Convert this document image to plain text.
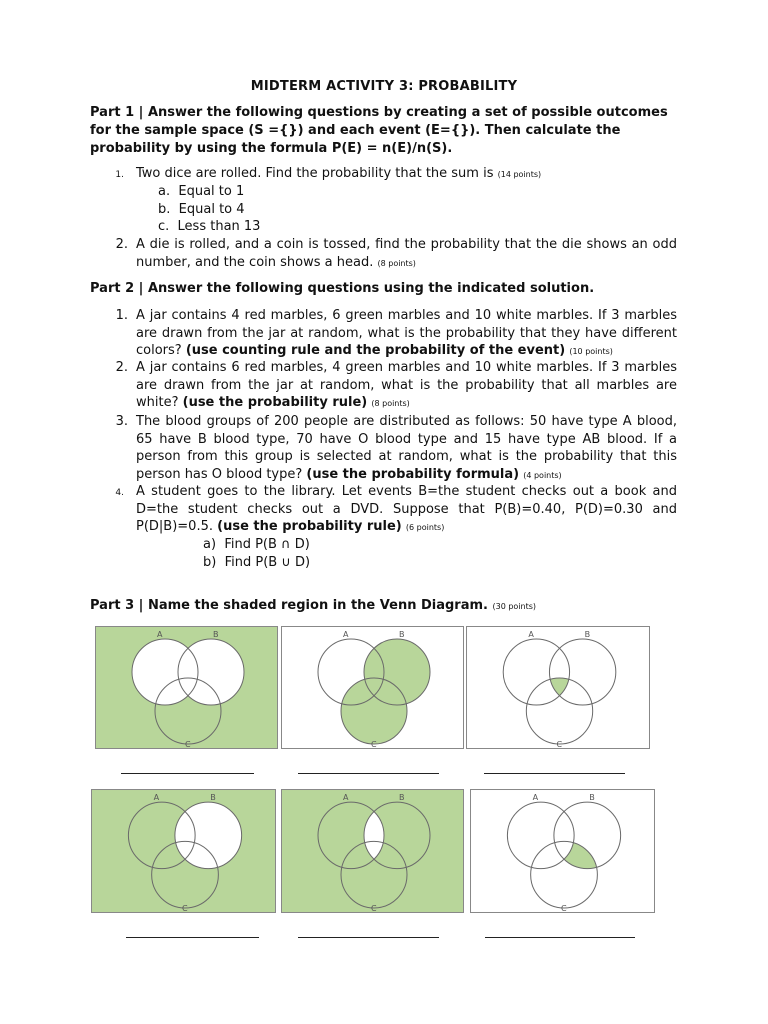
MIDTERM ACTIVITY 3: PROBABILITY
Part 1 | Answer the following questions by creating a set of possible outcomes for the sample space (S ={}) and each event (E={}). Then calculate the probability by using the formula P(E) = n(E)/n(S).
1. Two dice are rolled. Find the probability that the sum is (14 points)
a. Equal to 1
b. Equal to 4
c. Less than 13
2. A die is rolled, and a coin is tossed, find the probability that the die shows an odd number, and the coin shows a head. (8 points)
Part 2 | Answer the following questions using the indicated solution.
1. A jar contains 4 red marbles, 6 green marbles and 10 white marbles. If 3 marbles are drawn from the jar at random, what is the probability that they have different colors? (use counting rule and the probability of the event) (10 points)
2. A jar contains 6 red marbles, 4 green marbles and 10 white marbles. If 3 marbles are drawn from the jar at random, what is the probability that all marbles are white? (use the probability rule) (8 points)
3. The blood groups of 200 people are distributed as follows: 50 have type A blood, 65 have B blood type, 70 have O blood type and 15 have type AB blood. If a person from this group is selected at random, what is the probability that this person has O blood type? (use the probability formula) (4 points)
4. A student goes to the library. Let events B=the student checks out a book and D=the student checks out a DVD. Suppose that P(B)=0.40, P(D)=0.30 and P(D|B)=0.5. (use the probability rule) (6 points)
a) Find P(B ∩ D)
b) Find P(B ∪ D)
Part 3 | Name the shaded region in the Venn Diagram. (30 points)
A	B
C
A	B
C
A	B
C
A	B
C
A	B
C
A	B
C
